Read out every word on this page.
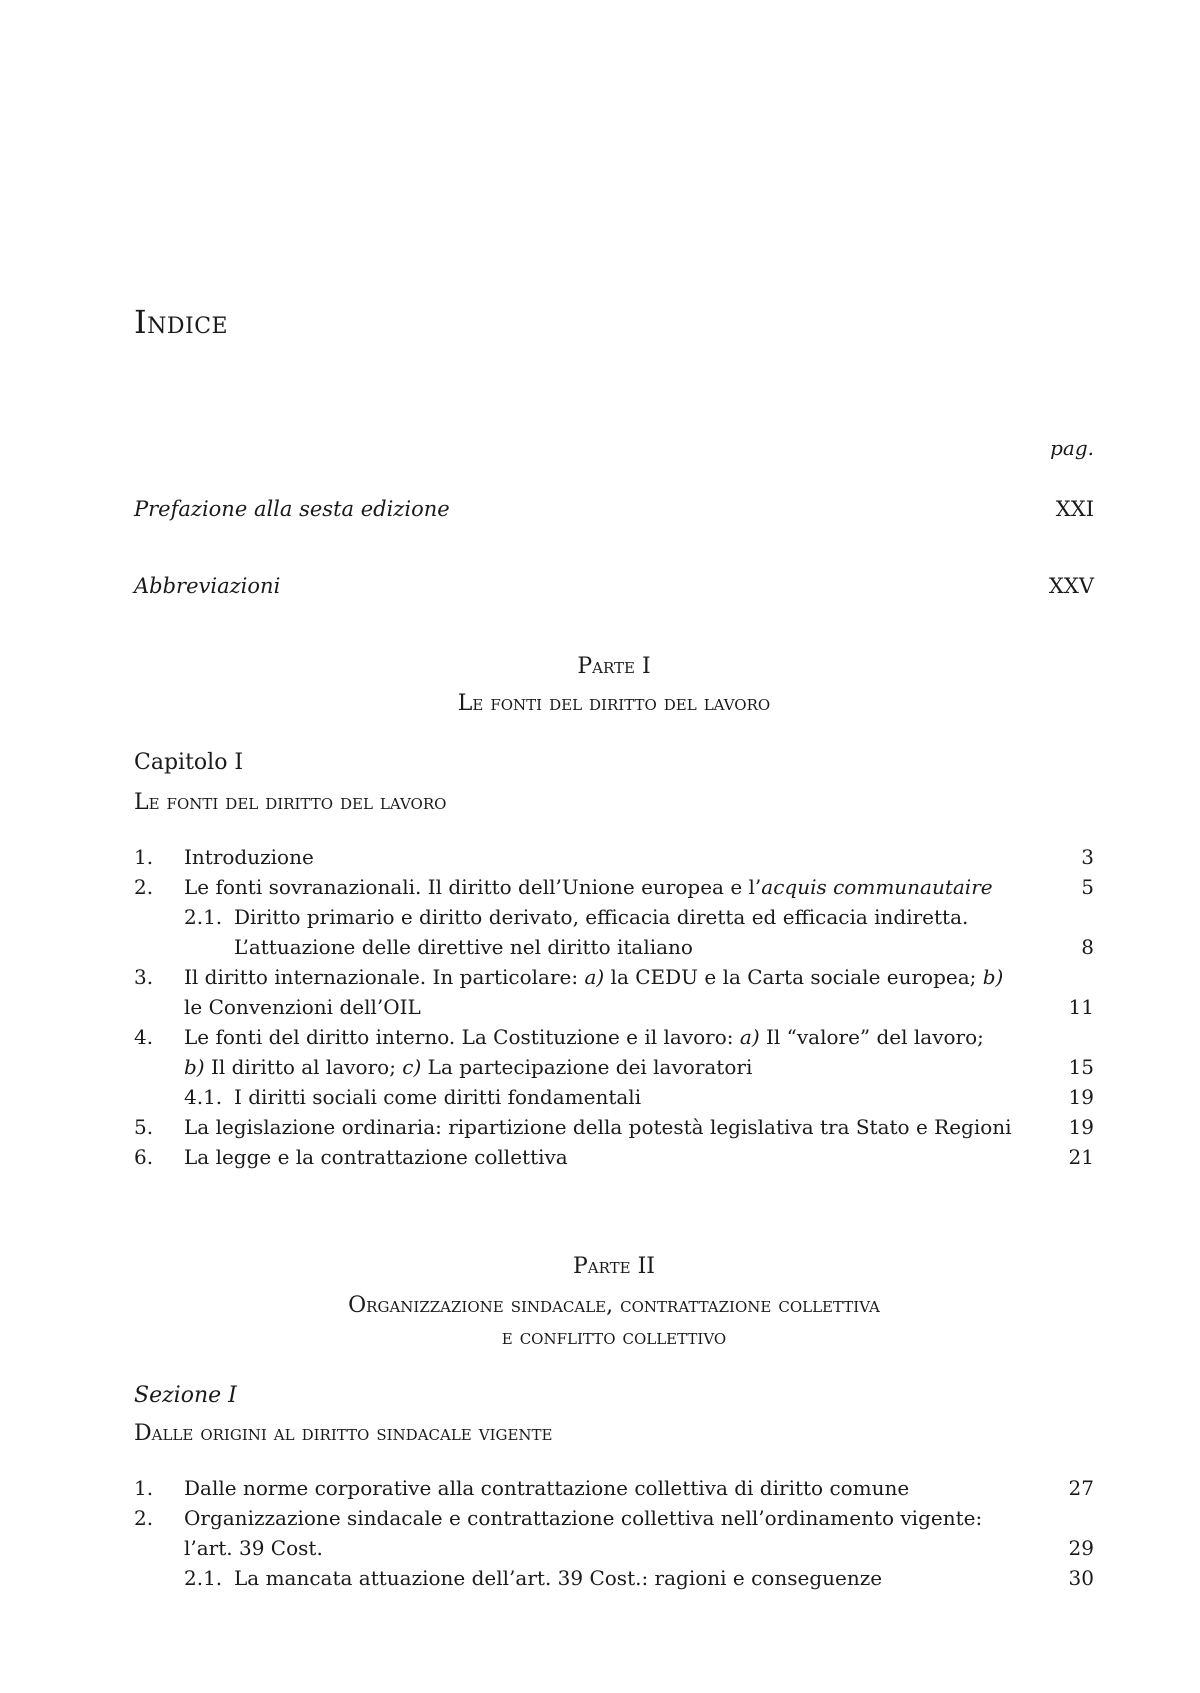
Indice
pag.
Prefazione alla sesta edizione	XXI
Abbreviazioni	XXV
Parte I
Le fonti del diritto del lavoro
Capitolo I
Le fonti del diritto del lavoro
1.	Introduzione	3
2.	Le fonti sovranazionali. Il diritto dell’Unione europea e l’acquis communautaire	5
2.1. Diritto primario e diritto derivato, efficacia diretta ed efficacia indiretta.
L’attuazione delle direttive nel diritto italiano	8
3.	Il diritto internazionale. In particolare: a) la CEDU e la Carta sociale europea; b)
le Convenzioni dell’OIL	11
4.	Le fonti del diritto interno. La Costituzione e il lavoro: a) Il “valore” del lavoro;
b) Il diritto al lavoro; c) La partecipazione dei lavoratori	15
4.1. I diritti sociali come diritti fondamentali	19
5.	La legislazione ordinaria: ripartizione della potestà legislativa tra Stato e Regioni	19
6.	La legge e la contrattazione collettiva	21
Parte II
Organizzazione sindacale, contrattazione collettiva
e conflitto collettivo
Sezione I
Dalle origini al diritto sindacale vigente
1.	Dalle norme corporative alla contrattazione collettiva di diritto comune	27
2.	Organizzazione sindacale e contrattazione collettiva nell’ordinamento vigente:
l’art. 39 Cost.	29
2.1. La mancata attuazione dell’art. 39 Cost.: ragioni e conseguenze	30
